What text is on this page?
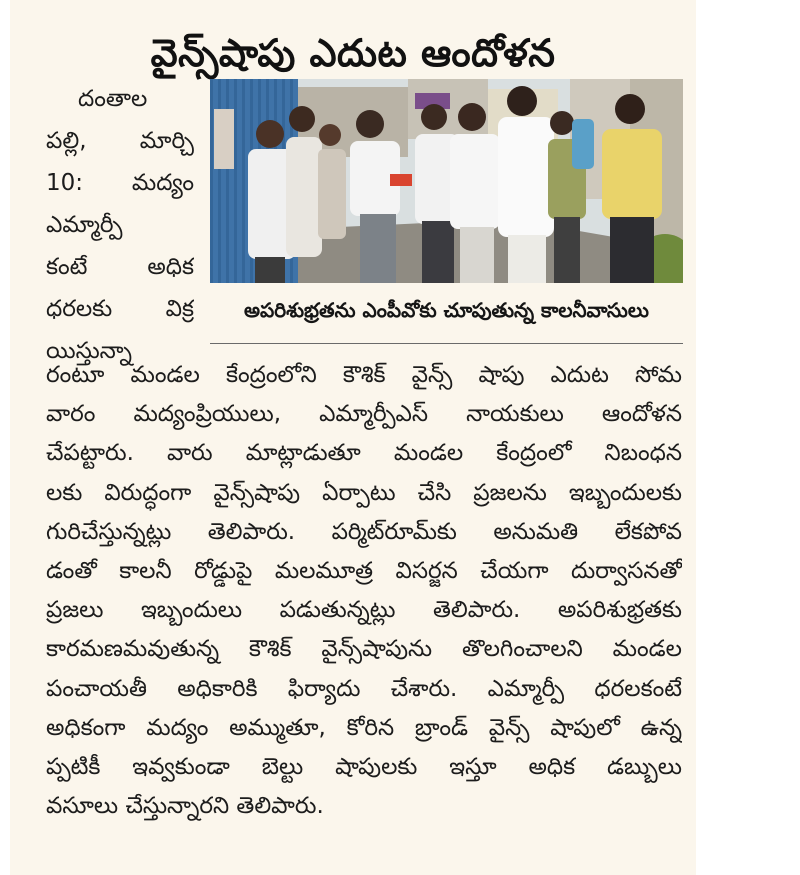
వైన్స్‌షాపు ఎదుట ఆందోళన
దంతాల
పల్లి, మార్చి
10: మద్యం
ఎమ్మార్పీ
కంటే అధిక
ధరలకు విక్ర
యిస్తున్నా
అపరిశుభ్రతను ఎంపీవోకు చూపుతున్న కాలనీవాసులు
రంటూ మండల కేంద్రంలోని కౌశిక్ వైన్స్ షాపు ఎదుట సోమ
వారం మద్యంప్రియులు, ఎమ్మార్పీఎస్ నాయకులు ఆందోళన
చేపట్టారు. వారు మాట్లాడుతూ మండల కేంద్రంలో నిబంధన
లకు విరుద్ధంగా వైన్స్‌షాపు ఏర్పాటు చేసి ప్రజలను ఇబ్బందులకు
గురిచేస్తున్నట్లు తెలిపారు. పర్మిట్‌రూమ్‌కు అనుమతి లేకపోవ
డంతో కాలనీ రోడ్డుపై మలమూత్ర విసర్జన చేయగా దుర్వాసనతో
ప్రజలు ఇబ్బందులు పడుతున్నట్లు తెలిపారు. అపరిశుభ్రతకు
కారమణమవుతున్న కౌశిక్ వైన్స్‌షాపును తొలగించాలని మండల
పంచాయతీ అధికారికి ఫిర్యాదు చేశారు. ఎమ్మార్పీ ధరలకంటే
అధికంగా మద్యం అమ్ముతూ, కోరిన బ్రాండ్ వైన్స్ షాపులో ఉన్న
ప్పటికీ ఇవ్వకుండా బెల్టు షాపులకు ఇస్తూ అధిక డబ్బులు
వసూలు చేస్తున్నారని తెలిపారు.
